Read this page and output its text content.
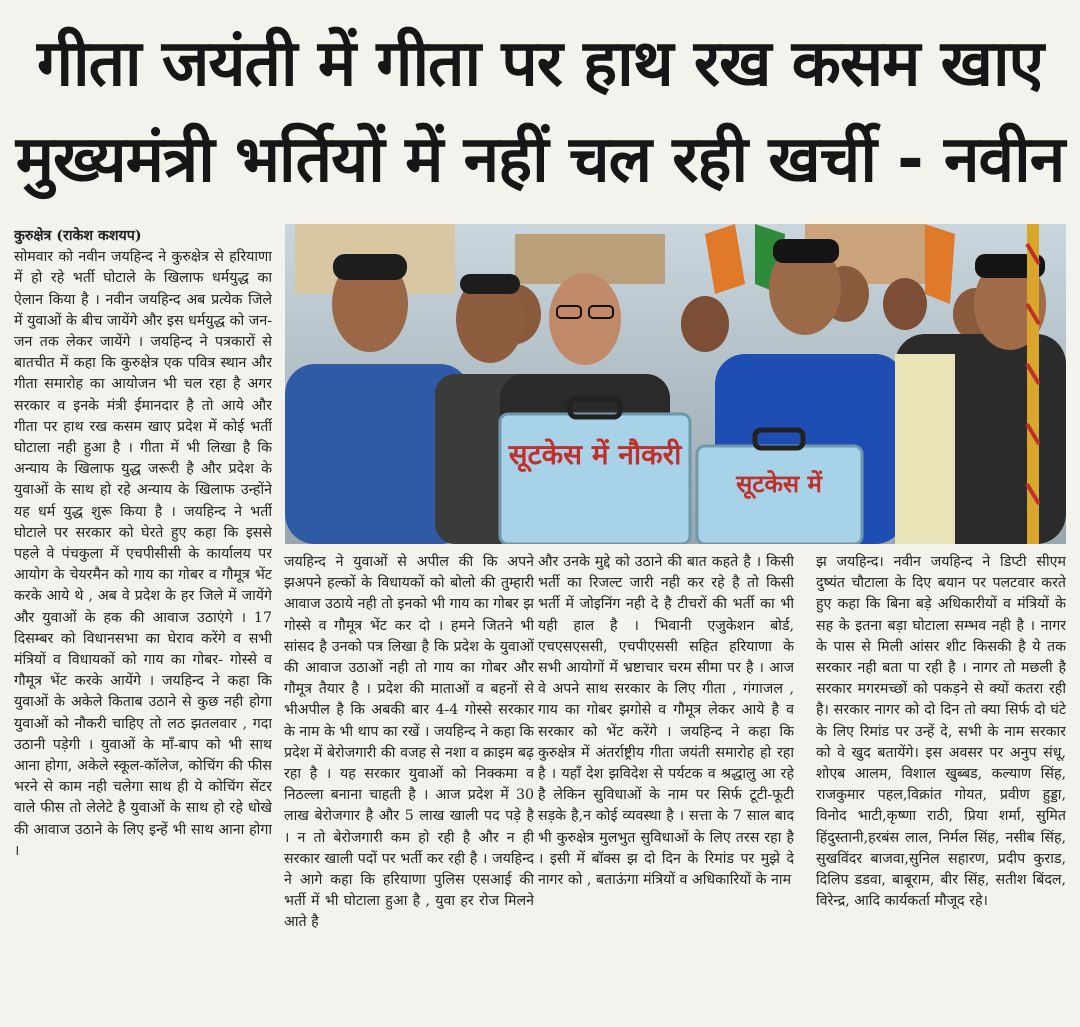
गीता जयंती में गीता पर हाथ रख कसम खाए
मुख्यमंत्री भर्तियों में नहीं चल रही खर्ची - नवीन

कुरुक्षेत्र (राकेश कशयप)

सोमवार को नवीन जयहिन्द ने कुरुक्षेत्र से हरियाणा में हो रहे भर्ती घोटाले के खिलाफ धर्मयुद्ध का ऐलान किया है । नवीन जयहिन्द अब प्रत्येक जिले में युवाओं के बीच जायेंगे और इस धर्मयुद्ध को जन- जन तक लेकर जायेंगे । जयहिन्द ने पत्रकारों से बातचीत में कहा कि कुरुक्षेत्र एक पवित्र स्थान और गीता समारोह का आयोजन भी चल रहा है अगर सरकार व इनके मंत्री ईमानदार है तो आये और गीता पर हाथ रख कसम खाए प्रदेश में कोई भर्ती घोटाला नही हुआ है । गीता में भी लिखा है कि अन्याय के खिलाफ युद्ध जरूरी है और प्रदेश के युवाओं के साथ हो रहे अन्याय के खिलाफ उन्होंने यह धर्म युद्ध शुरू किया है । जयहिन्द ने भर्ती घोटाले पर सरकार को घेरते हुए कहा कि इससे पहले वे पंचकुला में एचपीसीसी के कार्यालय पर आयोग के चेयरमैन को गाय का गोबर व गौमूत्र भेंट करके आये थे , अब वे प्रदेश के हर जिले में जायेंगे और युवाओं के हक की आवाज उठाएंगे । 17 दिसम्बर को विधानसभा का घेराव करेंगे व सभी मंत्रियों व विधायकों को गाय का गोबर- गोस्से व गौमूत्र भेंट करके आयेंगे । जयहिन्द ने कहा कि युवाओं के अकेले किताब उठाने से कुछ नही होगा युवाओं को नौकरी चाहिए तो लठ झतलवार , गदा उठानी पड़ेगी । युवाओं के माँ-बाप को भी साथ आना होगा, अकेले स्कूल-कॉलेज, कोचिंग की फीस भरने से काम नही चलेगा साथ ही ये कोचिंग सेंटर वाले फीस तो लेलेटे है युवाओं के साथ हो रहे धोखे की आवाज उठाने के लिए इन्हें भी साथ आना होगा ।

सूटकेस में नौकरी
सूटकेस में

जयहिन्द ने युवाओं से अपील की कि अपने झअपने हल्कों के विधायकों को बोलो की तुम्हारी आवाज उठाये नही तो इनको भी गाय का गोबर झ गोस्से व गौमूत्र भेंट कर दो । हमने जितने भी सांसद है उनको पत्र लिखा है कि प्रदेश के युवाओं की आवाज उठाओं नही तो गाय का गोबर और गौमूत्र तैयार है । प्रदेश की माताओं व बहनों से भीअपील है कि अबकी बार 4-4 गोस्से सरकार के नाम के भी थाप का रखें । जयहिन्द ने कहा कि प्रदेश में बेरोजगारी की वजह से नशा व क्राइम बढ़ रहा है । यह सरकार युवाओं को निक्कमा व निठल्ला बनाना चाहती है । आज प्रदेश में 30 लाख बेरोजगार है और 5 लाख खाली पद पड़े है । न तो बेरोजगारी कम हो रही है और न ही सरकार खाली पदों पर भर्ती कर रही है । जयहिन्द ने आगे कहा कि हरियाणा पुलिस एसआई की भर्ती में भी घोटाला हुआ है , युवा हर रोज मिलने आते है

और उनके मुद्दे को उठाने की बात कहते है । किसी भर्ती का रिजल्ट जारी नही कर रहे है तो किसी भर्ती में जोइनिंग नही दे है टीचरों की भर्ती का भी यही हाल है । भिवानी एजुकेशन बोर्ड, एचएसएससी, एचपीएससी सहित हरियाणा के सभी आयोगों में भ्रष्टाचार चरम सीमा पर है । आज वे अपने साथ सरकार के लिए गीता , गंगाजल , गाय का गोबर झगोसे व गौमूत्र लेकर आये है व सरकार को भेंट करेंगे । जयहिन्द ने कहा कि कुरुक्षेत्र में अंतर्राष्ट्रीय गीता जयंती समारोह हो रहा है । यहाँ देश झविदेश से पर्यटक व श्रद्धालु आ रहे है लेकिन सुविधाओं के नाम पर सिर्फ टूटी-फूटी सड़के है,न कोई व्यवस्था है । सत्ता के 7 साल बाद भी कुरुक्षेत्र मुलभुत सुविधाओं के लिए तरस रहा है । इसी में बॉक्स झ दो दिन के रिमांड पर मुझे दे नागर को , बताऊंगा मंत्रियों व अधिकारियों के नाम

झ जयहिन्द। नवीन जयहिन्द ने डिप्टी सीएम दुष्यंत चौटाला के दिए बयान पर पलटवार करते हुए कहा कि बिना बड़े अधिकारीयों व मंत्रियों के सह के इतना बड़ा घोटाला सम्भव नही है । नागर के पास से मिली आंसर शीट किसकी है ये तक सरकार नही बता पा रही है । नागर तो मछली है सरकार मगरमच्छों को पकड़ने से क्यों कतरा रही है। सरकार नागर को दो दिन तो क्या सिर्फ दो घंटे के लिए रिमांड पर उन्हें दे, सभी के नाम सरकार को वे खुद बतायेंगे। इस अवसर पर अनुप संधू, शोएब आलम, विशाल खुब्बड, कल्याण सिंह, राजकुमार पहल,विक्रांत गोयत, प्रवीण हुड्डा, विनोद भाटी,कृष्णा राठी, प्रिया शर्मा, सुमित हिंदुस्तानी,हरबंस लाल, निर्मल सिंह, नसीब सिंह, सुखविंदर बाजवा,सुनिल सहारण, प्रदीप कुराड, दिलिप डडवा, बाबूराम, बीर सिंह, सतीश बिंदल, विरेन्द्र, आदि कार्यकर्ता मौजूद रहे।
